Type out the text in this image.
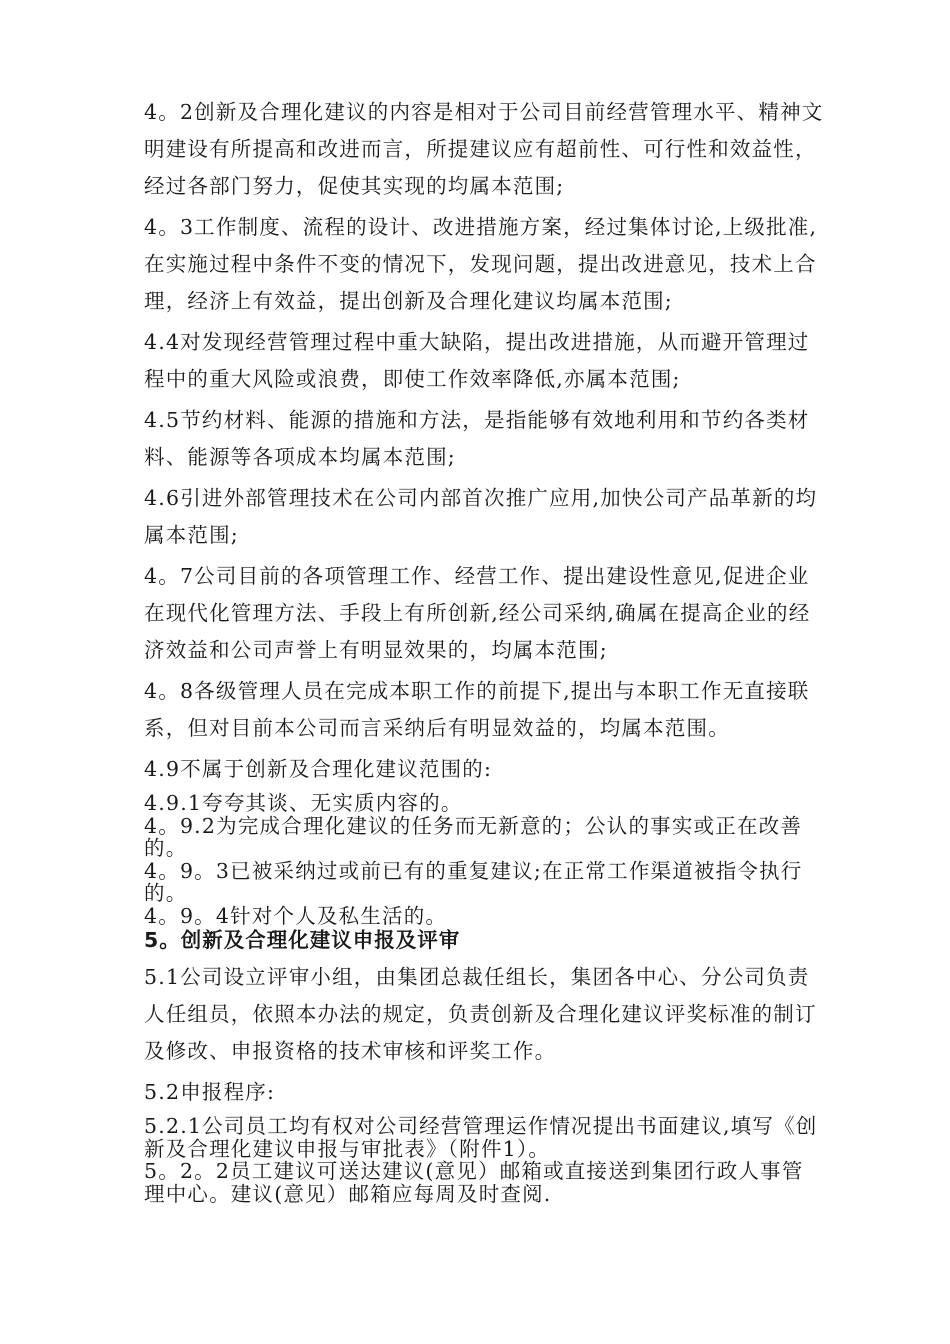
4。2创新及合理化建议的内容是相对于公司目前经营管理水平、精神文明建设有所提高和改进而言，所提建议应有超前性、可行性和效益性，经过各部门努力，促使其实现的均属本范围;

4。3工作制度、流程的设计、改进措施方案，经过集体讨论,上级批准,在实施过程中条件不变的情况下，发现问题，提出改进意见，技术上合理，经济上有效益，提出创新及合理化建议均属本范围;

4.4对发现经营管理过程中重大缺陷，提出改进措施，从而避开管理过程中的重大风险或浪费，即使工作效率降低,亦属本范围;

4.5节约材料、能源的措施和方法，是指能够有效地利用和节约各类材料、能源等各项成本均属本范围;

4.6引进外部管理技术在公司内部首次推广应用,加快公司产品革新的均属本范围;

4。7公司目前的各项管理工作、经营工作、提出建设性意见,促进企业在现代化管理方法、手段上有所创新,经公司采纳,确属在提高企业的经济效益和公司声誉上有明显效果的，均属本范围;

4。8各级管理人员在完成本职工作的前提下,提出与本职工作无直接联系，但对目前本公司而言采纳后有明显效益的，均属本范围。

4.9不属于创新及合理化建议范围的:

4.9.1夸夸其谈、无实质内容的。

4。9.2为完成合理化建议的任务而无新意的；公认的事实或正在改善的。

4。9。3已被采纳过或前已有的重复建议;在正常工作渠道被指令执行的。

4。9。4针对个人及私生活的。

5。创新及合理化建议申报及评审

5.1公司设立评审小组，由集团总裁任组长，集团各中心、分公司负责人任组员，依照本办法的规定，负责创新及合理化建议评奖标准的制订及修改、申报资格的技术审核和评奖工作。

5.2申报程序:

5.2.1公司员工均有权对公司经营管理运作情况提出书面建议,填写《创新及合理化建议申报与审批表》（附件1）。

5。2。2员工建议可送达建议(意见）邮箱或直接送到集团行政人事管理中心。建议(意见）邮箱应每周及时查阅.
